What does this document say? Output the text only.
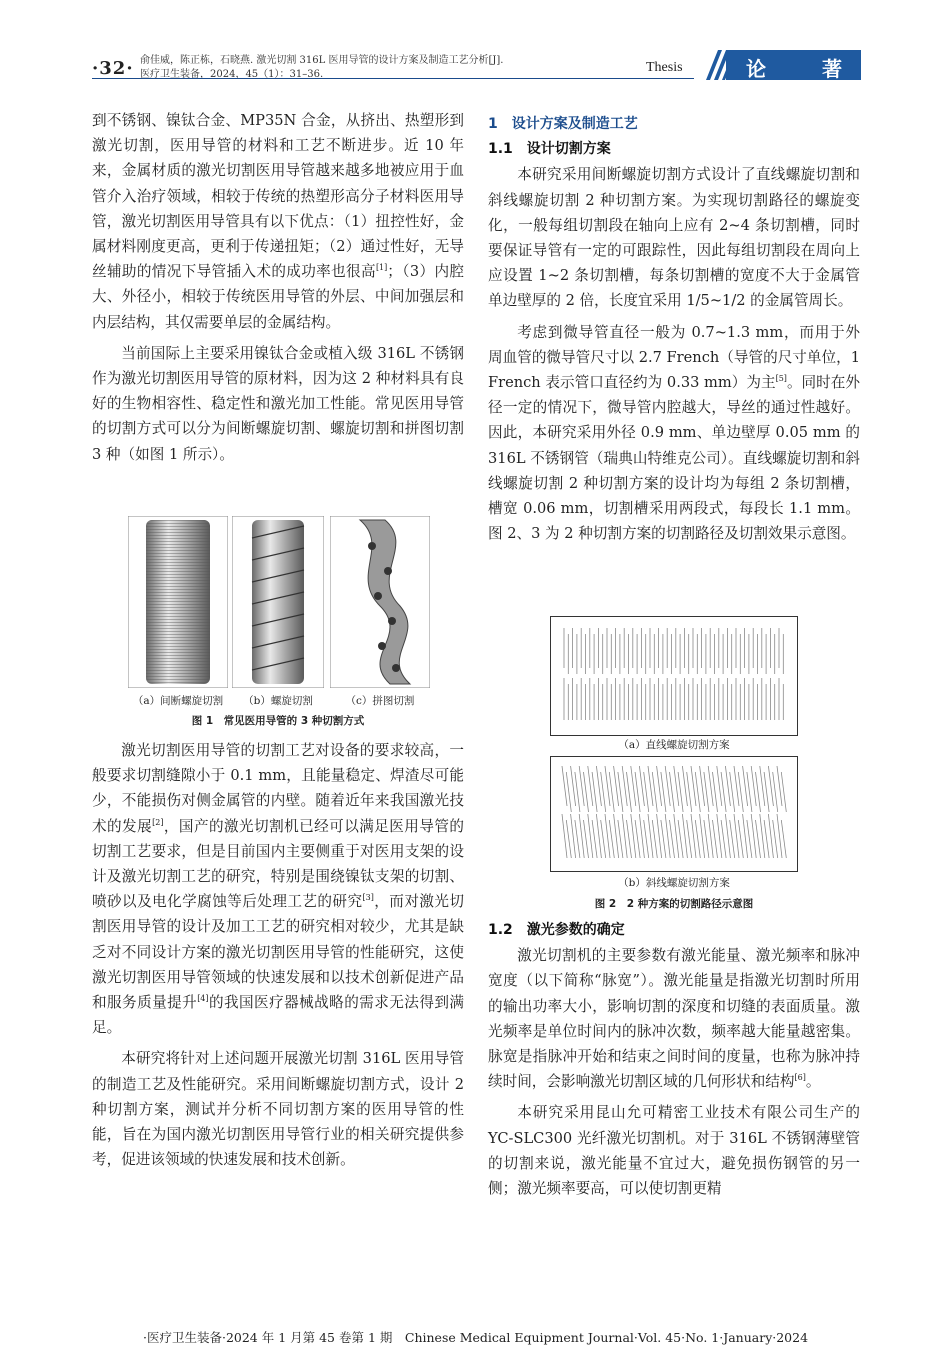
·32· 俞佳威，陈正栋，石晓燕. 激光切割 316L 医用导管的设计方案及制造工艺分析[J].
医疗卫生装备，2024，45（1）：31–36.	Thesis	论	著

到不锈钢、镍钛合金、MP35N 合金，从挤出、热塑形到激光切割，医用导管的材料和工艺不断进步。近 10 年来，金属材质的激光切割医用导管越来越多地被应用于血管介入治疗领域，相较于传统的热塑形高分子材料医用导管，激光切割医用导管具有以下优点：（1）扭控性好，金属材料刚度更高，更利于传递扭矩；（2）通过性好，无导丝辅助的情况下导管插入术的成功率也很高[1]；（3）内腔大、外径小，相较于传统医用导管的外层、中间加强层和内层结构，其仅需要单层的金属结构。

当前国际上主要采用镍钛合金或植入级 316L 不锈钢作为激光切割医用导管的原材料，因为这 2 种材料具有良好的生物相容性、稳定性和激光加工性能。常见医用导管的切割方式可以分为间断螺旋切割、螺旋切割和拼图切割 3 种（如图 1 所示）。

（a）间断螺旋切割	（b）螺旋切割	（c）拼图切割
图 1　常见医用导管的 3 种切割方式

激光切割医用导管的切割工艺对设备的要求较高，一般要求切割缝隙小于 0.1 mm，且能量稳定、焊渣尽可能少，不能损伤对侧金属管的内壁。随着近年来我国激光技术的发展[2]，国产的激光切割机已经可以满足医用导管的切割工艺要求，但是目前国内主要侧重于对医用支架的设计及激光切割工艺的研究，特别是围绕镍钛支架的切割、喷砂以及电化学腐蚀等后处理工艺的研究[3]，而对激光切割医用导管的设计及加工工艺的研究相对较少，尤其是缺乏对不同设计方案的激光切割医用导管的性能研究，这使激光切割医用导管领域的快速发展和以技术创新促进产品和服务质量提升[4]的我国医疗器械战略的需求无法得到满足。

本研究将针对上述问题开展激光切割 316L 医用导管的制造工艺及性能研究。采用间断螺旋切割方式，设计 2 种切割方案，测试并分析不同切割方案的医用导管的性能，旨在为国内激光切割医用导管行业的相关研究提供参考，促进该领域的快速发展和技术创新。

1　设计方案及制造工艺
1.1　设计切割方案

本研究采用间断螺旋切割方式设计了直线螺旋切割和斜线螺旋切割 2 种切割方案。为实现切割路径的螺旋变化，一般每组切割段在轴向上应有 2~4 条切割槽，同时要保证导管有一定的可跟踪性，因此每组切割段在周向上应设置 1~2 条切割槽，每条切割槽的宽度不大于金属管单边壁厚的 2 倍，长度宜采用 1/5~1/2 的金属管周长。

考虑到微导管直径一般为 0.7~1.3 mm，而用于外周血管的微导管尺寸以 2.7 French（导管的尺寸单位，1 French 表示管口直径约为 0.33 mm）为主[5]。同时在外径一定的情况下，微导管内腔越大，导丝的通过性越好。因此，本研究采用外径 0.9 mm、单边壁厚 0.05 mm 的 316L 不锈钢管（瑞典山特维克公司）。直线螺旋切割和斜线螺旋切割 2 种切割方案的设计均为每组 2 条切割槽，槽宽 0.06 mm，切割槽采用两段式，每段长 1.1 mm。图 2、3 为 2 种切割方案的切割路径及切割效果示意图。

（a）直线螺旋切割方案
（b）斜线螺旋切割方案
图 2　2 种方案的切割路径示意图
1.2　激光参数的确定

激光切割机的主要参数有激光能量、激光频率和脉冲宽度（以下简称“脉宽”）。激光能量是指激光切割时所用的输出功率大小，影响切割的深度和切缝的表面质量。激光频率是单位时间内的脉冲次数，频率越大能量越密集。脉宽是指脉冲开始和结束之间时间的度量，也称为脉冲持续时间，会影响激光切割区域的几何形状和结构[6]。

本研究采用昆山允可精密工业技术有限公司生产的 YC-SLC300 光纤激光切割机。对于 316L 不锈钢薄壁管的切割来说，激光能量不宜过大，避免损伤钢管的另一侧；激光频率要高，可以使切割更精

·医疗卫生装备·2024 年 1 月第 45 卷第 1 期　Chinese Medical Equipment Journal·Vol. 45·No. 1·January·2024
